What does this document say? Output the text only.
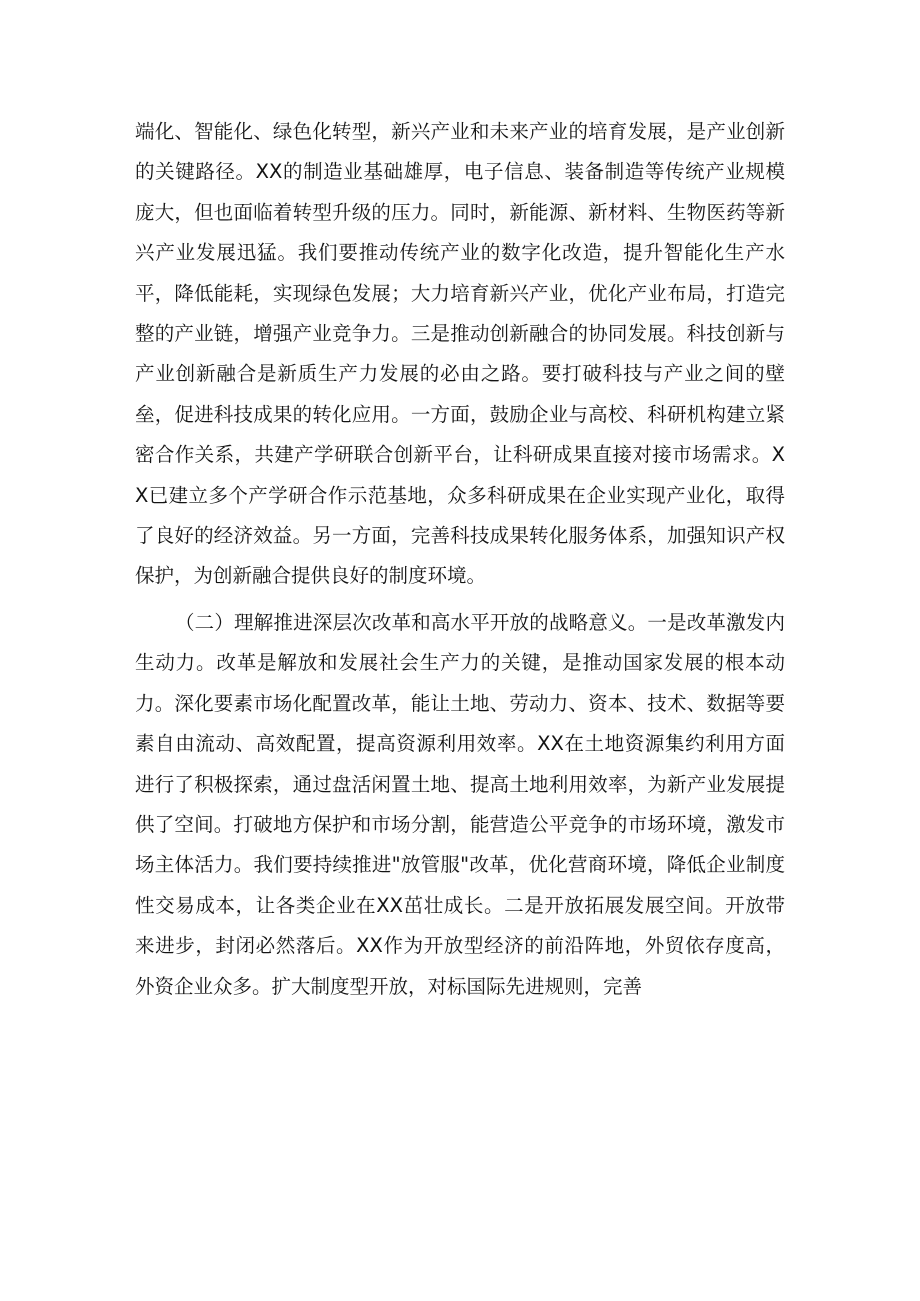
端化、智能化、绿色化转型，新兴产业和未来产业的培育发展，是产业创新的关键路径。XX的制造业基础雄厚，电子信息、装备制造等传统产业规模庞大，但也面临着转型升级的压力。同时，新能源、新材料、生物医药等新兴产业发展迅猛。我们要推动传统产业的数字化改造，提升智能化生产水平，降低能耗，实现绿色发展；大力培育新兴产业，优化产业布局，打造完整的产业链，增强产业竞争力。三是推动创新融合的协同发展。科技创新与产业创新融合是新质生产力发展的必由之路。要打破科技与产业之间的壁垒，促进科技成果的转化应用。一方面，鼓励企业与高校、科研机构建立紧密合作关系，共建产学研联合创新平台，让科研成果直接对接市场需求。XX已建立多个产学研合作示范基地，众多科研成果在企业实现产业化，取得了良好的经济效益。另一方面，完善科技成果转化服务体系，加强知识产权保护，为创新融合提供良好的制度环境。

（二）理解推进深层次改革和高水平开放的战略意义。一是改革激发内生动力。改革是解放和发展社会生产力的关键，是推动国家发展的根本动力。深化要素市场化配置改革，能让土地、劳动力、资本、技术、数据等要素自由流动、高效配置，提高资源利用效率。XX在土地资源集约利用方面进行了积极探索，通过盘活闲置土地、提高土地利用效率，为新产业发展提供了空间。打破地方保护和市场分割，能营造公平竞争的市场环境，激发市场主体活力。我们要持续推进"放管服"改革，优化营商环境，降低企业制度性交易成本，让各类企业在XX茁壮成长。二是开放拓展发展空间。开放带来进步，封闭必然落后。XX作为开放型经济的前沿阵地，外贸依存度高，外资企业众多。扩大制度型开放，对标国际先进规则，完善
